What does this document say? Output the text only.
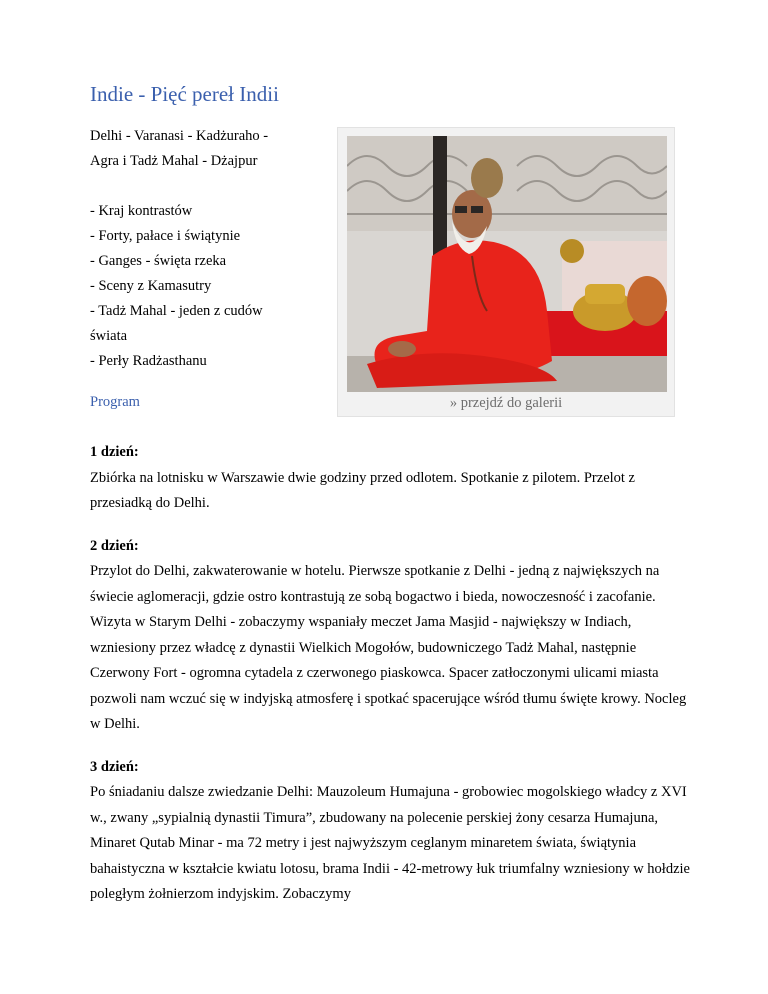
Indie - Pięć pereł Indii

Delhi - Varanasi - Kadżuraho -

Agra i Tadż Mahal - Dżajpur

- Kraj kontrastów

- Forty, pałace i świątynie

- Ganges - święta rzeka

- Sceny z Kamasutry

- Tadż Mahal - jeden z cudów

świata

- Perły Radżasthanu

Program	» przejdź do galerii
1 dzień:

Zbiórka na lotnisku w Warszawie dwie godziny przed odlotem. Spotkanie z pilotem. Przelot z przesiadką do Delhi.

2 dzień:

Przylot do Delhi, zakwaterowanie w hotelu. Pierwsze spotkanie z Delhi - jedną z największych na świecie aglomeracji, gdzie ostro kontrastują ze sobą bogactwo i bieda, nowoczesność i zacofanie. Wizyta w Starym Delhi - zobaczymy wspaniały meczet Jama Masjid - największy w Indiach, wzniesiony przez władcę z dynastii Wielkich Mogołów, budowniczego Tadż Mahal, następnie Czerwony Fort - ogromna cytadela z czerwonego piaskowca. Spacer zatłoczonymi ulicami miasta pozwoli nam wczuć się w indyjską atmosferę i spotkać spacerujące wśród tłumu święte krowy. Nocleg w Delhi.

3 dzień:

Po śniadaniu dalsze zwiedzanie Delhi: Mauzoleum Humajuna - grobowiec mogolskiego władcy z XVI w., zwany „sypialnią dynastii Timura”, zbudowany na polecenie perskiej żony cesarza Humajuna, Minaret Qutab Minar - ma 72 metry i jest najwyższym ceglanym minaretem świata, świątynia bahaistyczna w kształcie kwiatu lotosu, brama Indii - 42-metrowy łuk triumfalny wzniesiony w hołdzie poległym żołnierzom indyjskim. Zobaczymy
